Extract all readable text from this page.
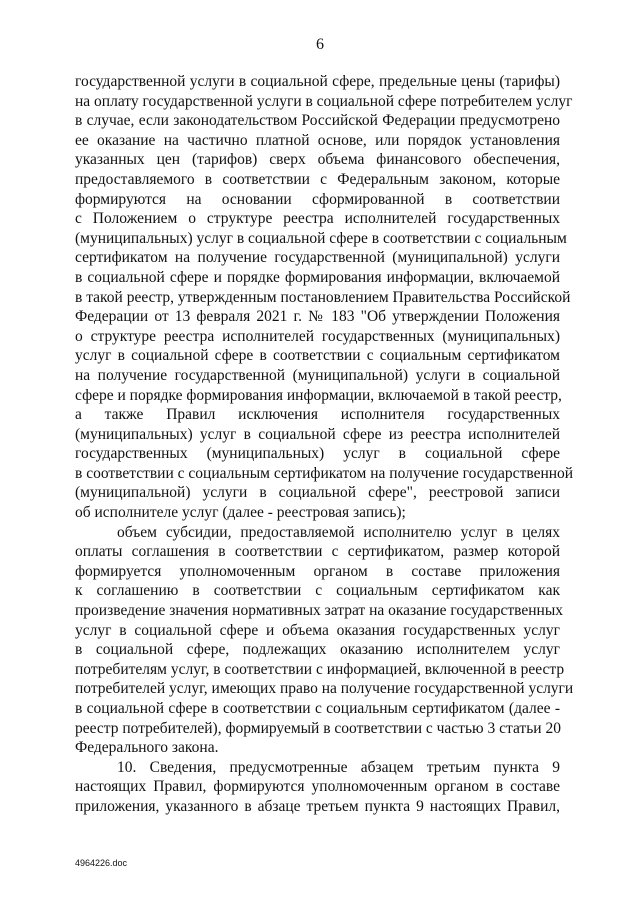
6
государственной услуги в социальной сфере, предельные цены (тарифы)
на оплату государственной услуги в социальной сфере потребителем услуг
в случае, если законодательством Российской Федерации предусмотрено
ее оказание на частично платной основе, или порядок установления
указанных цен (тарифов) сверх объема финансового обеспечения,
предоставляемого в соответствии с Федеральным законом, которые
формируются на основании сформированной в соответствии
с Положением о структуре реестра исполнителей государственных
(муниципальных) услуг в социальной сфере в соответствии с социальным
сертификатом на получение государственной (муниципальной) услуги
в социальной сфере и порядке формирования информации, включаемой
в такой реестр, утвержденным постановлением Правительства Российской
Федерации от 13 февраля 2021 г. № 183 "Об утверждении Положения
о структуре реестра исполнителей государственных (муниципальных)
услуг в социальной сфере в соответствии с социальным сертификатом
на получение государственной (муниципальной) услуги в социальной
сфере и порядке формирования информации, включаемой в такой реестр,
а также Правил исключения исполнителя государственных
(муниципальных) услуг в социальной сфере из реестра исполнителей
государственных (муниципальных) услуг в социальной сфере
в соответствии с социальным сертификатом на получение государственной
(муниципальной) услуги в социальной сфере", реестровой записи
об исполнителе услуг (далее - реестровая запись);
объем субсидии, предоставляемой исполнителю услуг в целях
оплаты соглашения в соответствии с сертификатом, размер которой
формируется уполномоченным органом в составе приложения
к соглашению в соответствии с социальным сертификатом как
произведение значения нормативных затрат на оказание государственных
услуг в социальной сфере и объема оказания государственных услуг
в социальной сфере, подлежащих оказанию исполнителем услуг
потребителям услуг, в соответствии с информацией, включенной в реестр
потребителей услуг, имеющих право на получение государственной услуги
в социальной сфере в соответствии с социальным сертификатом (далее -
реестр потребителей), формируемый в соответствии с частью 3 статьи 20
Федерального закона.
10. Сведения, предусмотренные абзацем третьим пункта 9
настоящих Правил, формируются уполномоченным органом в составе
приложения, указанного в абзаце третьем пункта 9 настоящих Правил,
4964226.doc
